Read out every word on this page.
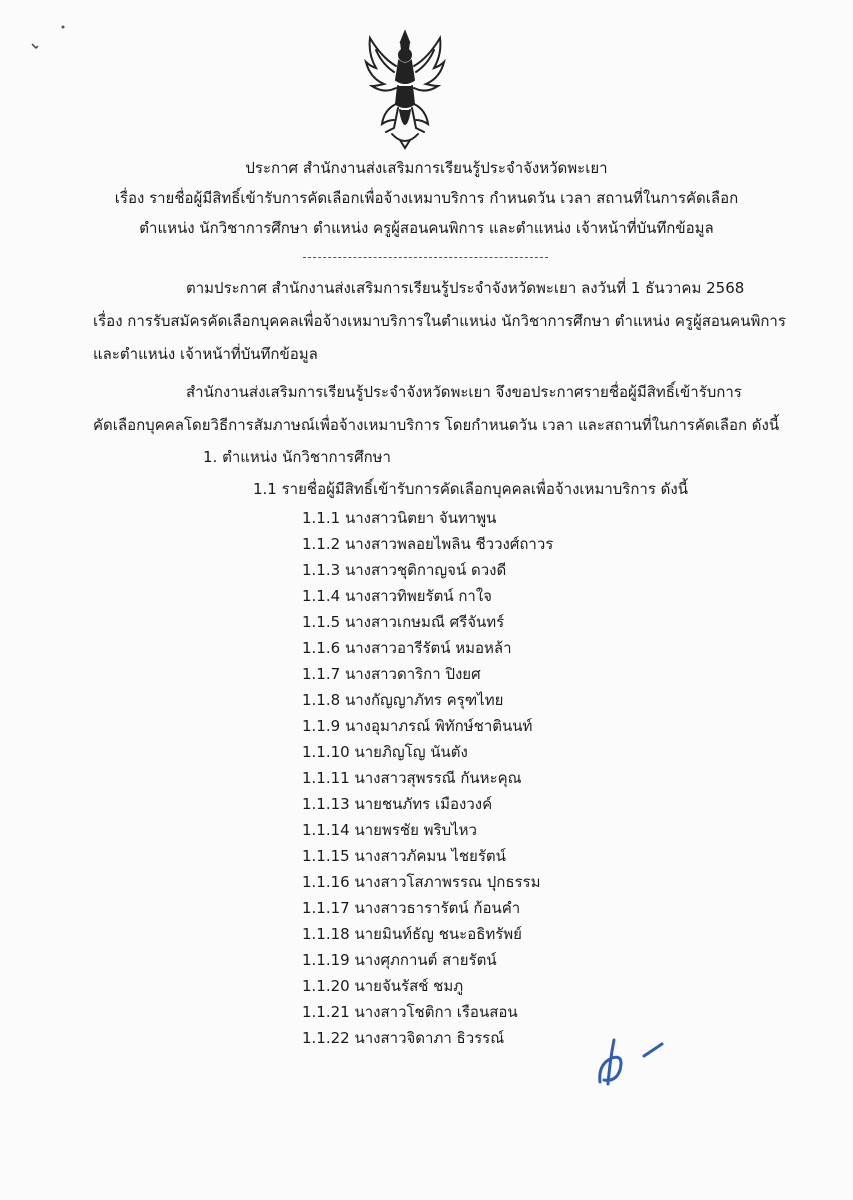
ประกาศ สำนักงานส่งเสริมการเรียนรู้ประจำจังหวัดพะเยา
เรื่อง รายชื่อผู้มีสิทธิ์เข้ารับการคัดเลือกเพื่อจ้างเหมาบริการ กำหนดวัน เวลา สถานที่ในการคัดเลือก
ตำแหน่ง นักวิชาการศึกษา ตำแหน่ง ครูผู้สอนคนพิการ และตำแหน่ง เจ้าหน้าที่บันทึกข้อมูล
ตามประกาศ สำนักงานส่งเสริมการเรียนรู้ประจำจังหวัดพะเยา ลงวันที่ 1 ธันวาคม 2568
เรื่อง การรับสมัครคัดเลือกบุคคลเพื่อจ้างเหมาบริการในตำแหน่ง นักวิชาการศึกษา ตำแหน่ง ครูผู้สอนคนพิการ
และตำแหน่ง เจ้าหน้าที่บันทึกข้อมูล
สำนักงานส่งเสริมการเรียนรู้ประจำจังหวัดพะเยา จึงขอประกาศรายชื่อผู้มีสิทธิ์เข้ารับการ
คัดเลือกบุคคลโดยวิธีการสัมภาษณ์เพื่อจ้างเหมาบริการ โดยกำหนดวัน เวลา และสถานที่ในการคัดเลือก ดังนี้
1. ตำแหน่ง นักวิชาการศึกษา
1.1 รายชื่อผู้มีสิทธิ์เข้ารับการคัดเลือกบุคคลเพื่อจ้างเหมาบริการ ดังนี้
1.1.1 นางสาวนิตยา จันทาพูน
1.1.2 นางสาวพลอยไพลิน ชีววงศ์ถาวร
1.1.3 นางสาวชุติกาญจน์ ดวงดี
1.1.4 นางสาวทิพยรัตน์ กาใจ
1.1.5 นางสาวเกษมณี ศรีจันทร์
1.1.6 นางสาวอารีรัตน์ หมอหล้า
1.1.7 นางสาวดาริกา ปิงยศ
1.1.8 นางกัญญาภัทร ครุฑไทย
1.1.9 นางอุมาภรณ์ พิทักษ์ชาตินนท์
1.1.10 นายภิญโญ นันตัง
1.1.11 นางสาวสุพรรณี กันหะคุณ
1.1.13 นายชนภัทร เมืองวงค์
1.1.14 นายพรชัย พริบไหว
1.1.15 นางสาวภัคมน ไชยรัตน์
1.1.16 นางสาวโสภาพรรณ ปุกธรรม
1.1.17 นางสาวธารารัตน์ ก้อนคำ
1.1.18 นายมินท์ธัญ ชนะอธิทรัพย์
1.1.19 นางศุภกานต์ สายรัตน์
1.1.20 นายจันรัสช์ ชมภู
1.1.21 นางสาวโชติกา เรือนสอน
1.1.22 นางสาวจิดาภา ธิวรรณ์
